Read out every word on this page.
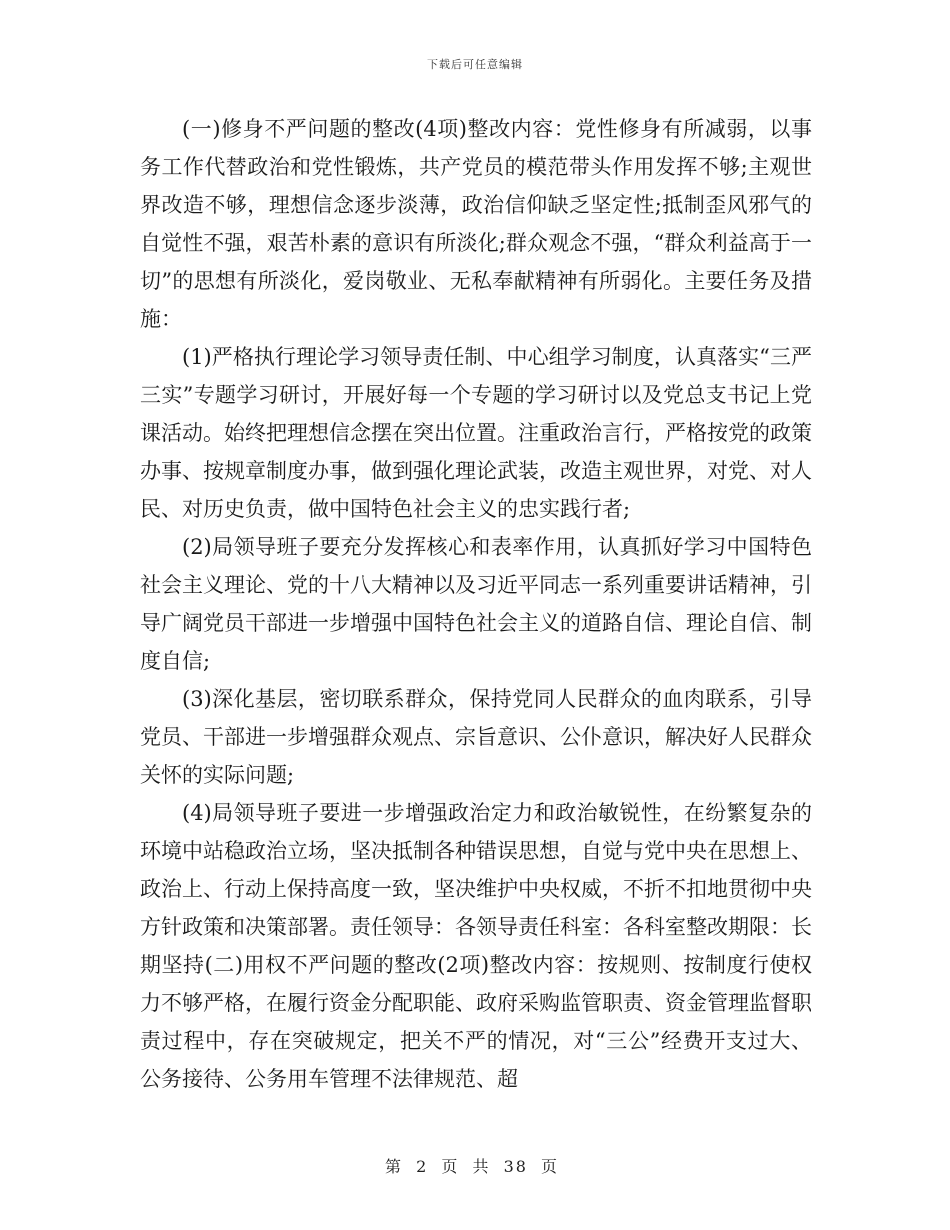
下载后可任意编辑

(一)修身不严问题的整改(4项)整改内容：党性修身有所减弱，以事务工作代替政治和党性锻炼，共产党员的模范带头作用发挥不够;主观世界改造不够，理想信念逐步淡薄，政治信仰缺乏坚定性;抵制歪风邪气的自觉性不强，艰苦朴素的意识有所淡化;群众观念不强，“群众利益高于一切”的思想有所淡化，爱岗敬业、无私奉献精神有所弱化。主要任务及措施：

(1)严格执行理论学习领导责任制、中心组学习制度，认真落实“三严三实”专题学习研讨，开展好每一个专题的学习研讨以及党总支书记上党课活动。始终把理想信念摆在突出位置。注重政治言行，严格按党的政策办事、按规章制度办事，做到强化理论武装，改造主观世界，对党、对人民、对历史负责，做中国特色社会主义的忠实践行者;

(2)局领导班子要充分发挥核心和表率作用，认真抓好学习中国特色社会主义理论、党的十八大精神以及习近平同志一系列重要讲话精神，引导广阔党员干部进一步增强中国特色社会主义的道路自信、理论自信、制度自信;

(3)深化基层，密切联系群众，保持党同人民群众的血肉联系，引导党员、干部进一步增强群众观点、宗旨意识、公仆意识，解决好人民群众关怀的实际问题;

(4)局领导班子要进一步增强政治定力和政治敏锐性，在纷繁复杂的环境中站稳政治立场，坚决抵制各种错误思想，自觉与党中央在思想上、政治上、行动上保持高度一致，坚决维护中央权威，不折不扣地贯彻中央方针政策和决策部署。责任领导：各领导责任科室：各科室整改期限：长期坚持(二)用权不严问题的整改(2项)整改内容：按规则、按制度行使权力不够严格，在履行资金分配职能、政府采购监管职责、资金管理监督职责过程中，存在突破规定，把关不严的情况，对“三公”经费开支过大、公务接待、公务用车管理不法律规范、超

第 2 页 共 38 页
